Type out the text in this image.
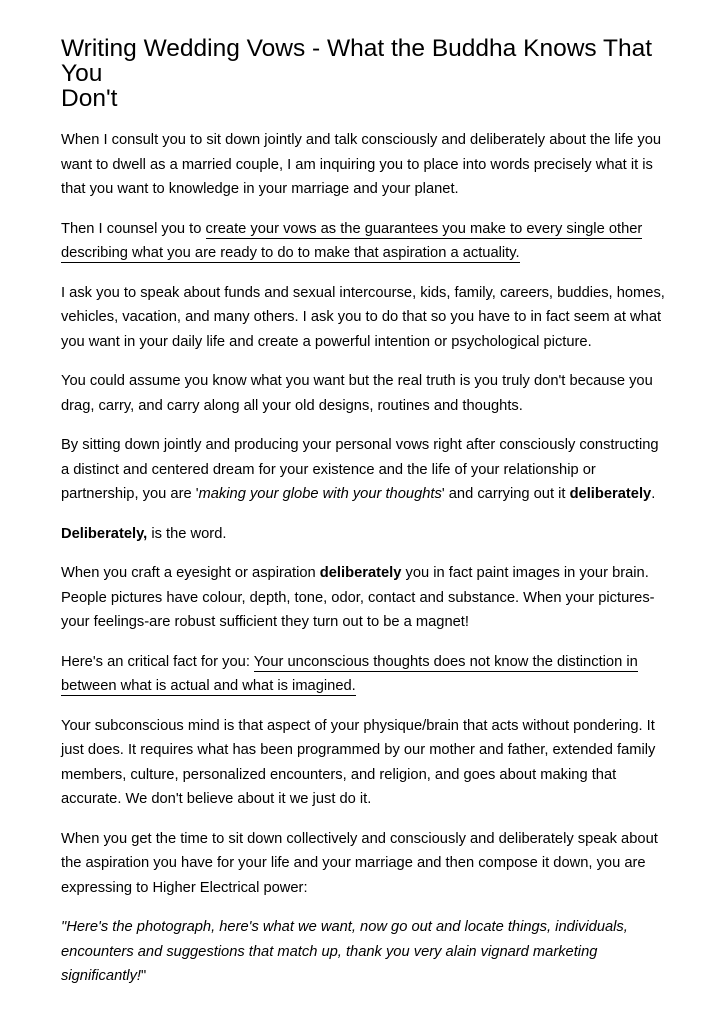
Writing Wedding Vows - What the Buddha Knows That You
Don't

When I consult you to sit down jointly and talk consciously and deliberately about the life you
want to dwell as a married couple, I am inquiring you to place into words precisely what it is
that you want to knowledge in your marriage and your planet.

Then I counsel you to create your vows as the guarantees you make to every single other
describing what you are ready to do to make that aspiration a actuality.

I ask you to speak about funds and sexual intercourse, kids, family, careers, buddies, homes,
vehicles, vacation, and many others. I ask you to do that so you have to in fact seem at what
you want in your daily life and create a powerful intention or psychological picture.

You could assume you know what you want but the real truth is you truly don't because you
drag, carry, and carry along all your old designs, routines and thoughts.

By sitting down jointly and producing your personal vows right after consciously constructing
a distinct and centered dream for your existence and the life of your relationship or
partnership, you are 'making your globe with your thoughts' and carrying out it deliberately.

Deliberately, is the word.

When you craft a eyesight or aspiration deliberately you in fact paint images in your brain.
People pictures have colour, depth, tone, odor, contact and substance. When your pictures-
your feelings-are robust sufficient they turn out to be a magnet!

Here's an critical fact for you: Your unconscious thoughts does not know the distinction in
between what is actual and what is imagined.

Your subconscious mind is that aspect of your physique/brain that acts without pondering. It
just does. It requires what has been programmed by our mother and father, extended family
members, culture, personalized encounters, and religion, and goes about making that
accurate. We don't believe about it we just do it.

When you get the time to sit down collectively and consciously and deliberately speak about
the aspiration you have for your life and your marriage and then compose it down, you are
expressing to Higher Electrical power:

"Here's the photograph, here's what we want, now go out and locate things, individuals,
encounters and suggestions that match up, thank you very alain vignard marketing
significantly!"
